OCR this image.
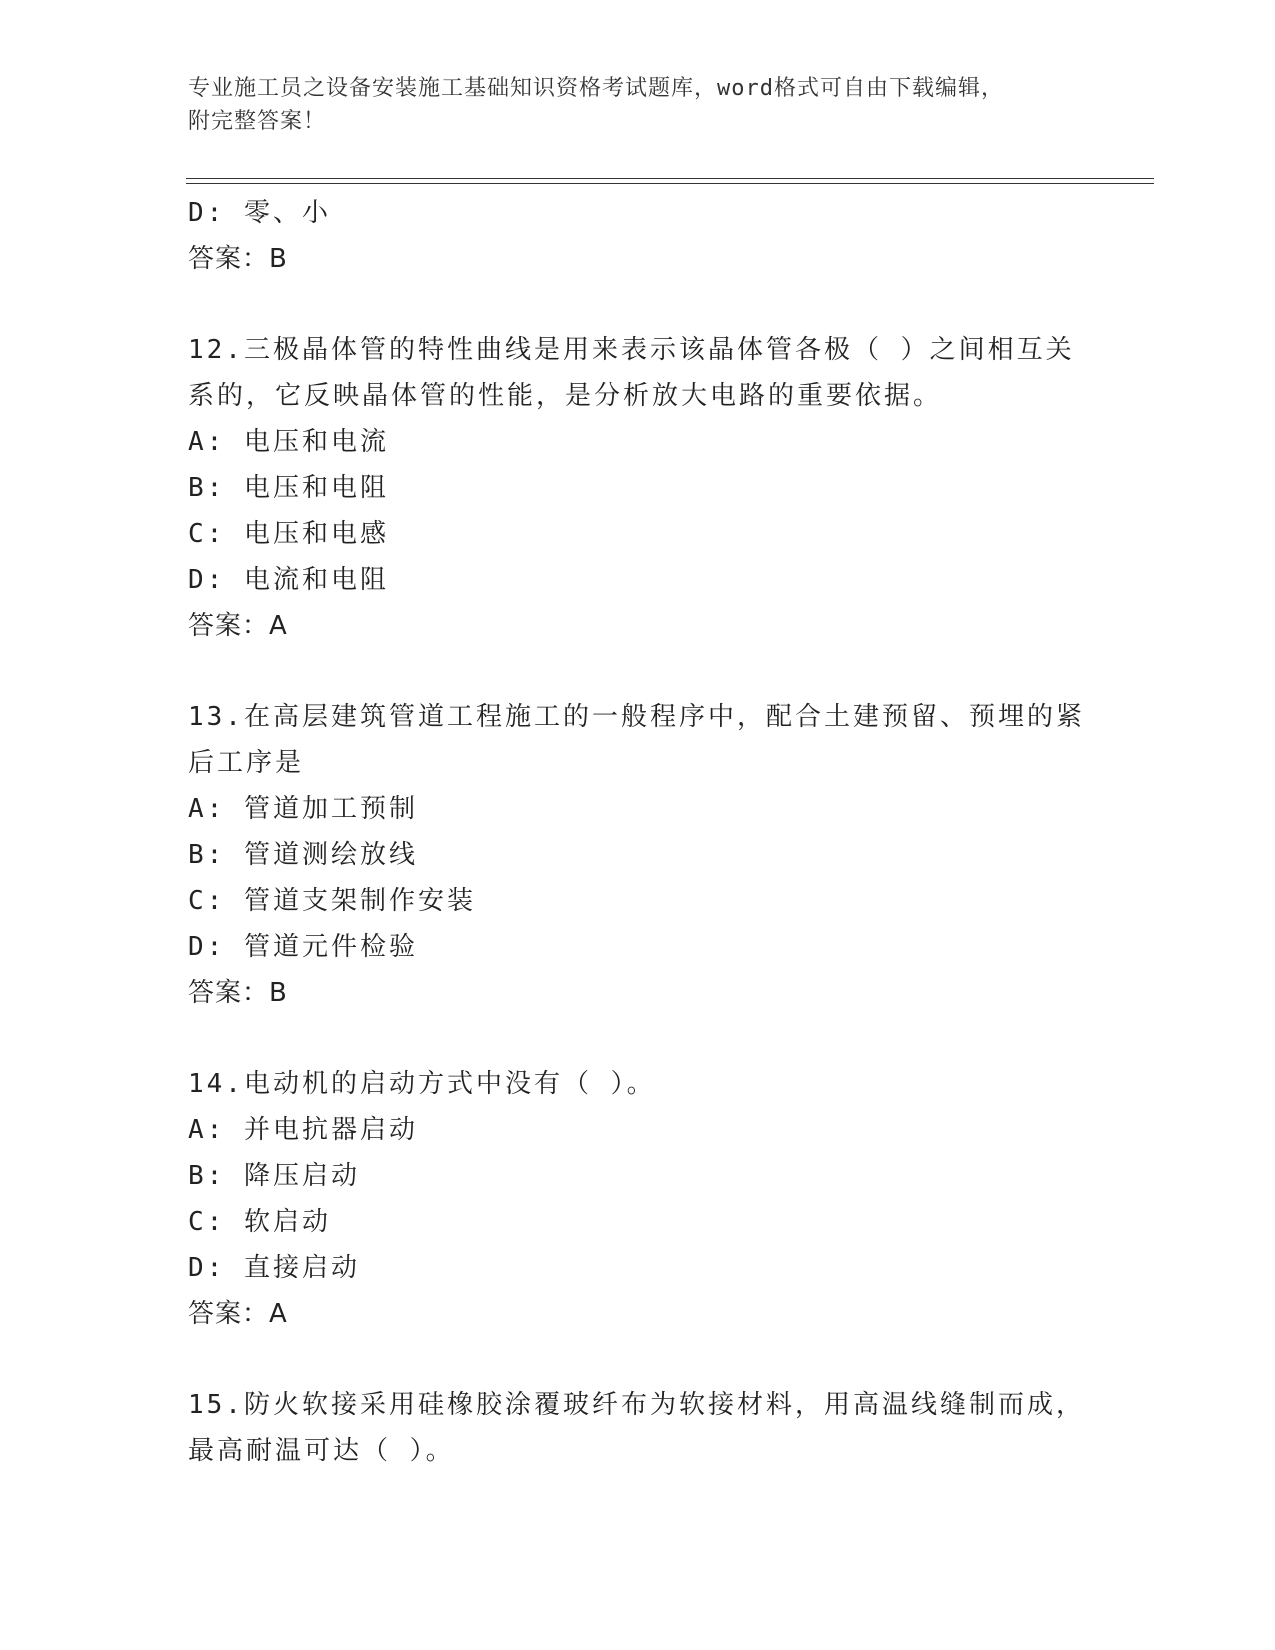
专业施工员之设备安装施工基础知识资格考试题库，word格式可自由下载编辑，
附完整答案！
D: 零、小
答案：B
12.三极晶体管的特性曲线是用来表示该晶体管各极（ ）之间相互关
系的，它反映晶体管的性能，是分析放大电路的重要依据。
A: 电压和电流
B: 电压和电阻
C: 电压和电感
D: 电流和电阻
答案：A
13.在高层建筑管道工程施工的一般程序中，配合土建预留、预埋的紧
后工序是
A: 管道加工预制
B: 管道测绘放线
C: 管道支架制作安装
D: 管道元件检验
答案：B
14.电动机的启动方式中没有（ ）。
A: 并电抗器启动
B: 降压启动
C: 软启动
D: 直接启动
答案：A
15.防火软接采用硅橡胶涂覆玻纤布为软接材料，用高温线缝制而成，
最高耐温可达（ ）。
